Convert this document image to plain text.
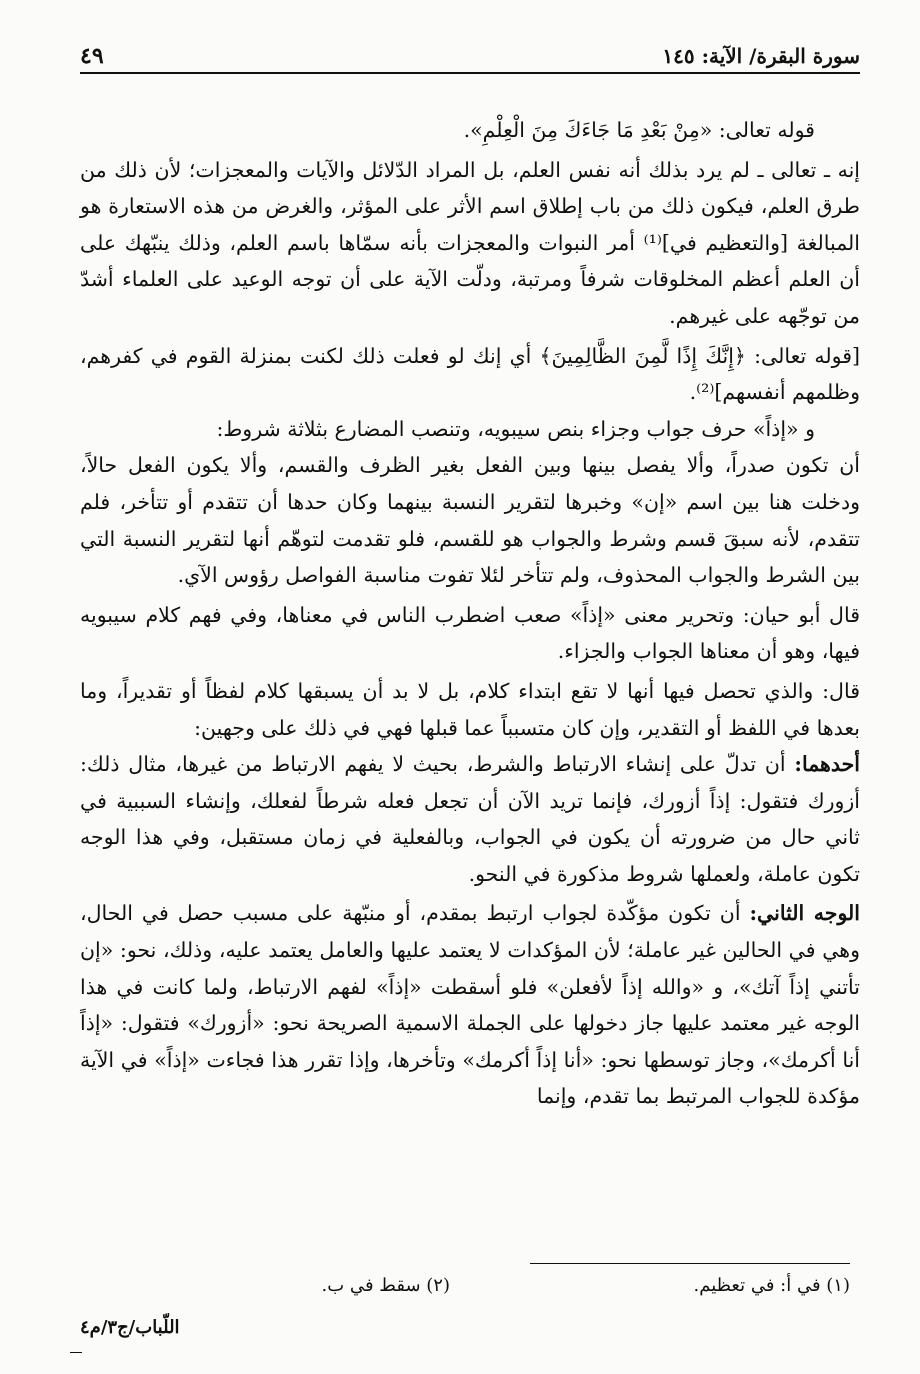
سورة البقرة/ الآية: ١٤٥
٤٩

قوله تعالى: «مِنْ بَعْدِ مَا جَاءَكَ مِنَ الْعِلْمِ».

إنه ـ تعالى ـ لم يرد بذلك أنه نفس العلم، بل المراد الدّلائل والآيات والمعجزات؛ لأن ذلك من طرق العلم، فيكون ذلك من باب إطلاق اسم الأثر على المؤثر، والغرض من هذه الاستعارة هو المبالغة [والتعظيم في]⁽¹⁾ أمر النبوات والمعجزات بأنه سمّاها باسم العلم، وذلك ينبّهك على أن العلم أعظم المخلوقات شرفاً ومرتبة، ودلّت الآية على أن توجه الوعيد على العلماء أشدّ من توجّهه على غيرهم.

[قوله تعالى: ﴿إِنَّكَ إِذًا لَّمِنَ الظَّالِمِينَ﴾ أي إنك لو فعلت ذلك لكنت بمنزلة القوم في كفرهم، وظلمهم أنفسهم]⁽²⁾.

و «إذاً» حرف جواب وجزاء بنص سيبويه، وتنصب المضارع بثلاثة شروط:

أن تكون صدراً، وألا يفصل بينها وبين الفعل بغير الظرف والقسم، وألا يكون الفعل حالاً، ودخلت هنا بين اسم «إن» وخبرها لتقرير النسبة بينهما وكان حدها أن تتقدم أو تتأخر، فلم تتقدم، لأنه سبقَ قسم وشرط والجواب هو للقسم، فلو تقدمت لتوهّم أنها لتقرير النسبة التي بين الشرط والجواب المحذوف، ولم تتأخر لئلا تفوت مناسبة الفواصل رؤوس الآي.

قال أبو حيان: وتحرير معنى «إذاً» صعب اضطرب الناس في معناها، وفي فهم كلام سيبويه فيها، وهو أن معناها الجواب والجزاء.

قال: والذي تحصل فيها أنها لا تقع ابتداء كلام، بل لا بد أن يسبقها كلام لفظاً أو تقديراً، وما بعدها في اللفظ أو التقدير، وإن كان متسبباً عما قبلها فهي في ذلك على وجهين:

أحدهما: أن تدلّ على إنشاء الارتباط والشرط، بحيث لا يفهم الارتباط من غيرها، مثال ذلك: أزورك فتقول: إذاً أزورك، فإنما تريد الآن أن تجعل فعله شرطاً لفعلك، وإنشاء السببية في ثاني حال من ضرورته أن يكون في الجواب، وبالفعلية في زمان مستقبل، وفي هذا الوجه تكون عاملة، ولعملها شروط مذكورة في النحو.

الوجه الثاني: أن تكون مؤكّدة لجواب ارتبط بمقدم، أو منبّهة على مسبب حصل في الحال، وهي في الحالين غير عاملة؛ لأن المؤكدات لا يعتمد عليها والعامل يعتمد عليه، وذلك، نحو: «إن تأتني إذاً آتك»، و «والله إذاً لأفعلن» فلو أسقطت «إذاً» لفهم الارتباط، ولما كانت في هذا الوجه غير معتمد عليها جاز دخولها على الجملة الاسمية الصريحة نحو: «أزورك» فتقول: «إذاً أنا أكرمك»، وجاز توسطها نحو: «أنا إذاً أكرمك» وتأخرها، وإذا تقرر هذا فجاءت «إذاً» في الآية مؤكدة للجواب المرتبط بما تقدم، وإنما

(١) في أ: في تعظيم.
(٢) سقط في ب.
اللّباب/ج٣/م٤
